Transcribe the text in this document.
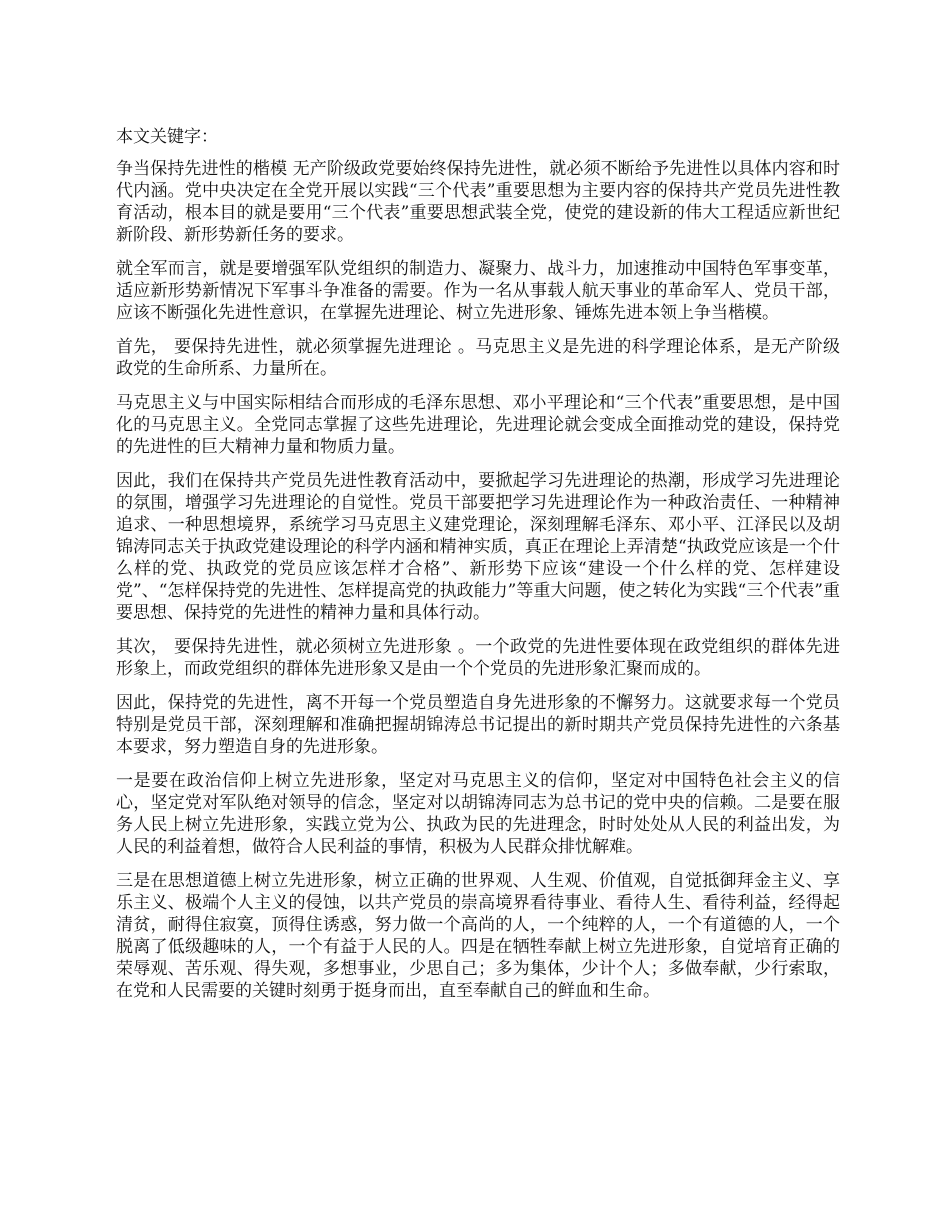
本文关键字：

争当保持先进性的楷模 无产阶级政党要始终保持先进性，就必须不断给予先进性以具体内容和时代内涵。党中央决定在全党开展以实践“三个代表”重要思想为主要内容的保持共产党员先进性教育活动，根本目的就是要用“三个代表”重要思想武装全党，使党的建设新的伟大工程适应新世纪新阶段、新形势新任务的要求。

就全军而言，就是要增强军队党组织的制造力、凝聚力、战斗力，加速推动中国特色军事变革，适应新形势新情况下军事斗争准备的需要。作为一名从事载人航天事业的革命军人、党员干部，应该不断强化先进性意识，在掌握先进理论、树立先进形象、锤炼先进本领上争当楷模。

首先， 要保持先进性，就必须掌握先进理论 。马克思主义是先进的科学理论体系，是无产阶级政党的生命所系、力量所在。

马克思主义与中国实际相结合而形成的毛泽东思想、邓小平理论和“三个代表”重要思想，是中国化的马克思主义。全党同志掌握了这些先进理论，先进理论就会变成全面推动党的建设，保持党的先进性的巨大精神力量和物质力量。

因此，我们在保持共产党员先进性教育活动中，要掀起学习先进理论的热潮，形成学习先进理论的氛围，增强学习先进理论的自觉性。党员干部要把学习先进理论作为一种政治责任、一种精神追求、一种思想境界，系统学习马克思主义建党理论，深刻理解毛泽东、邓小平、江泽民以及胡锦涛同志关于执政党建设理论的科学内涵和精神实质，真正在理论上弄清楚“执政党应该是一个什么样的党、执政党的党员应该怎样才合格”、新形势下应该“建设一个什么样的党、怎样建设党”、“怎样保持党的先进性、怎样提高党的执政能力”等重大问题，使之转化为实践“三个代表”重要思想、保持党的先进性的精神力量和具体行动。

其次， 要保持先进性，就必须树立先进形象 。一个政党的先进性要体现在政党组织的群体先进形象上，而政党组织的群体先进形象又是由一个个党员的先进形象汇聚而成的。

因此，保持党的先进性，离不开每一个党员塑造自身先进形象的不懈努力。这就要求每一个党员特别是党员干部，深刻理解和准确把握胡锦涛总书记提出的新时期共产党员保持先进性的六条基本要求，努力塑造自身的先进形象。

一是要在政治信仰上树立先进形象，坚定对马克思主义的信仰，坚定对中国特色社会主义的信心，坚定党对军队绝对领导的信念，坚定对以胡锦涛同志为总书记的党中央的信赖。二是要在服务人民上树立先进形象，实践立党为公、执政为民的先进理念，时时处处从人民的利益出发，为人民的利益着想，做符合人民利益的事情，积极为人民群众排忧解难。

三是在思想道德上树立先进形象，树立正确的世界观、人生观、价值观，自觉抵御拜金主义、享乐主义、极端个人主义的侵蚀，以共产党员的崇高境界看待事业、看待人生、看待利益，经得起清贫，耐得住寂寞，顶得住诱惑，努力做一个高尚的人，一个纯粹的人，一个有道德的人，一个脱离了低级趣味的人，一个有益于人民的人。四是在牺牲奉献上树立先进形象，自觉培育正确的荣辱观、苦乐观、得失观，多想事业，少思自己；多为集体，少计个人；多做奉献，少行索取，在党和人民需要的关键时刻勇于挺身而出，直至奉献自己的鲜血和生命。
